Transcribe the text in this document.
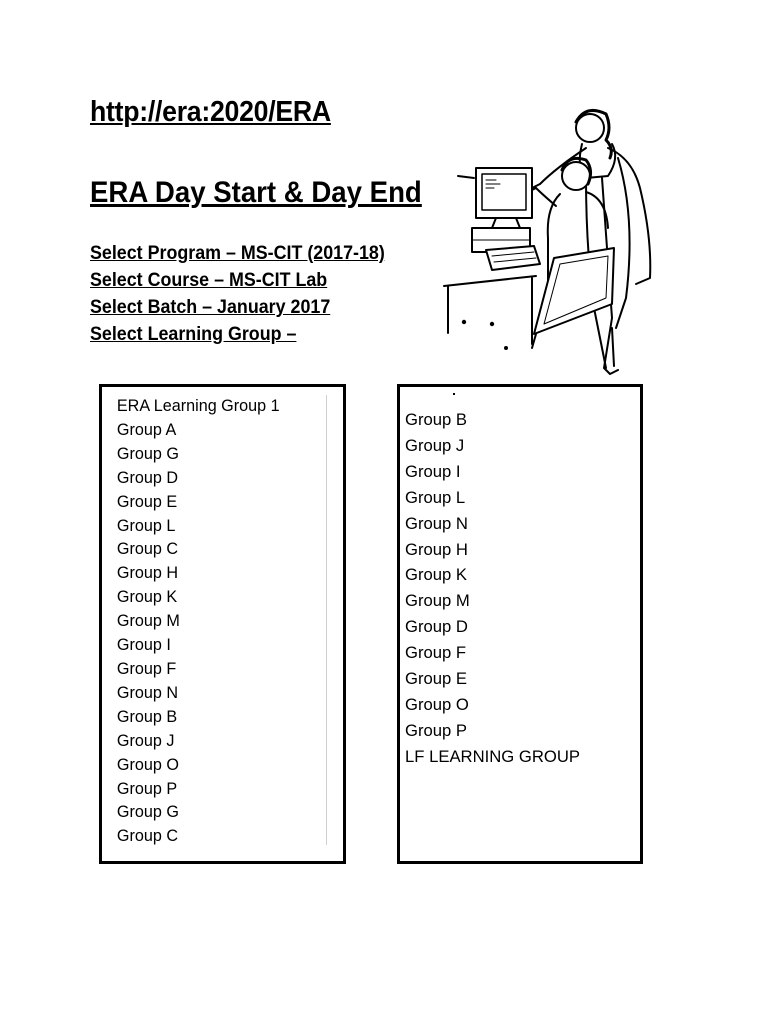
http://era:2020/ERA
ERA Day Start & Day End
Select Program – MS-CIT (2017-18)
Select Course – MS-CIT Lab
Select Batch – January 2017
Select Learning Group –
ERA Learning Group 1
Group A
Group G
Group D
Group E
Group L
Group C
Group H
Group K
Group M
Group I
Group F
Group N
Group B
Group J
Group O
Group P
Group G
Group C
Group B
Group J
Group I
Group L
Group N
Group H
Group K
Group M
Group D
Group F
Group E
Group O
Group P
LF LEARNING GROUP
